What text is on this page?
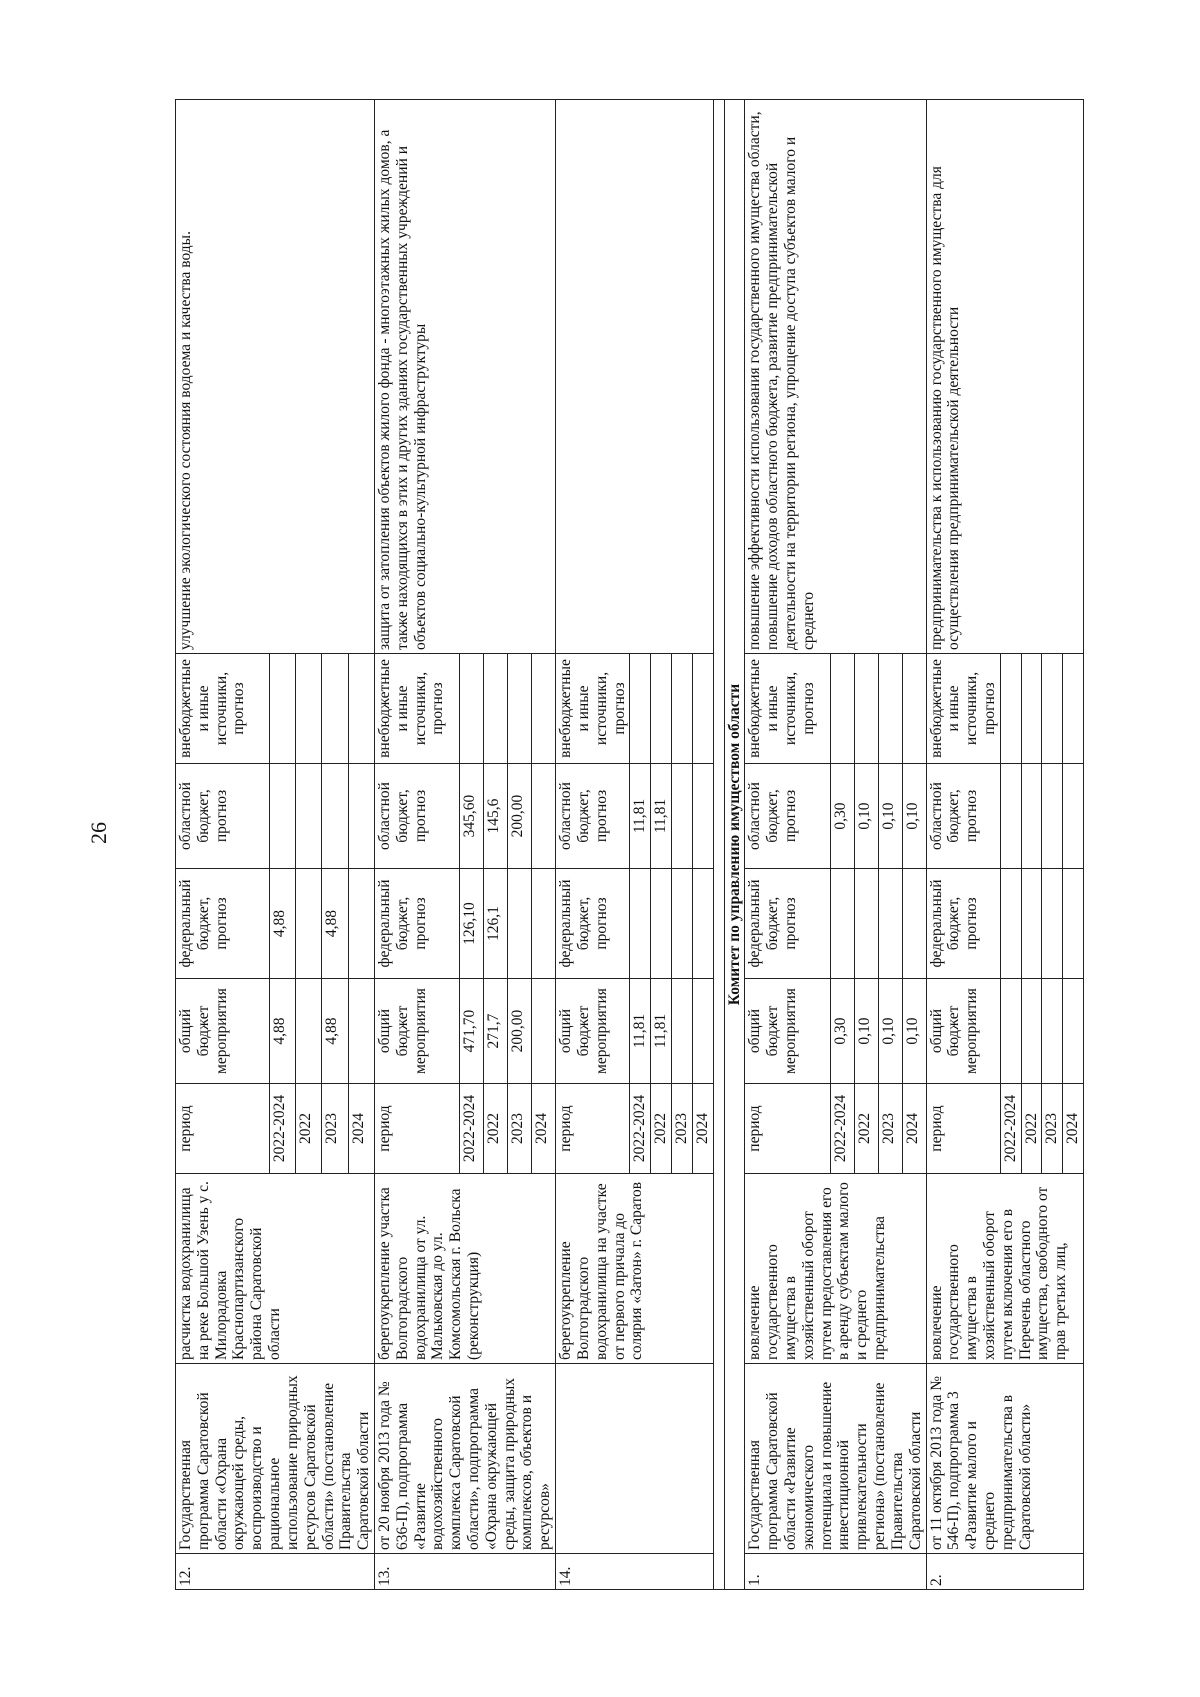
26
12.	Государственная программа Саратовской области «Охрана окружающей среды, воспроизводство и рациональное использование природных ресурсов Саратовской области» (постановление Правительства Саратовской области	расчистка водохранилища на реке Большой Узень у с. Милорадовка Краснопартизанского района Саратовской области	период	общий бюджет мероприятия	федеральный бюджет, прогноз	областной бюджет, прогноз	внебюджетные и иные источники, прогноз	улучшение экологического состояния водоема и качества воды.
			2022-2024	4,88	4,88			
			2022					
			2023	4,88	4,88			
			2024					
13.	от 20 ноября 2013 года № 636-П), подпрограмма «Развитие водохозяйственного комплекса Саратовской области», подпрограмма «Охрана окружающей среды, защита природных комплексов, объектов и ресурсов»	берегоукрепление участка Волгоградского водохранилища от ул. Мальковская до ул. Комсомольская г. Вольска (реконструкция)	период	общий бюджет мероприятия	федеральный бюджет, прогноз	областной бюджет, прогноз	внебюджетные и иные источники, прогноз	защита от затопления объектов жилого фонда - многоэтажных жилых домов, а также находящихся в этих и других зданиях государственных учреждений и объектов социально-культурной инфраструктуры
			2022-2024	471,70	126,10	345,60		
			2022	271,7	126,1	145,6		
			2023	200,00		200,00		
			2024					
14.		берегоукрепление Волгоградского водохранилища на участке от первого причала до солярия «Затон» г. Саратов	период	общий бюджет мероприятия	федеральный бюджет, прогноз	областной бюджет, прогноз	внебюджетные и иные источники, прогноз	
			2022-2024	11,81		11,81		
			2022	11,81		11,81		
			2023					
			2024					

Комитет по управлению имуществом области								
1.	Государственная программа Саратовской области «Развитие экономического потенциала и повышение инвестиционной привлекательности региона» (постановление Правительства Саратовской области	вовлечение государственного имущества в хозяйственный оборот путем предоставления его в аренду субъектам малого и среднего предпринимательства	период	общий бюджет мероприятия	федеральный бюджет, прогноз	областной бюджет, прогноз	внебюджетные и иные источники, прогноз	повышение эффективности использования государственного имущества области, повышение доходов областного бюджета, развитие предпринимательской деятельности на территории региона, упрощение доступа субъектов малого и среднего
			2022-2024	0,30		0,30		
			2022	0,10		0,10		
			2023	0,10		0,10		
			2024	0,10		0,10		
2.	от 11 октября 2013 года № 546-П), подпрограмма 3 «Развитие малого и среднего предпринимательства в Саратовской области»	вовлечение государственного имущества в хозяйственный оборот путем включения его в Перечень областного имущества, свободного от прав третьих лиц,	период	общий бюджет мероприятия	федеральный бюджет, прогноз	областной бюджет, прогноз	внебюджетные и иные источники, прогноз	предпринимательства к использованию государственного имущества для осуществления предпринимательской деятельности
			2022-2024					
			2022					
			2023					
			2024					
